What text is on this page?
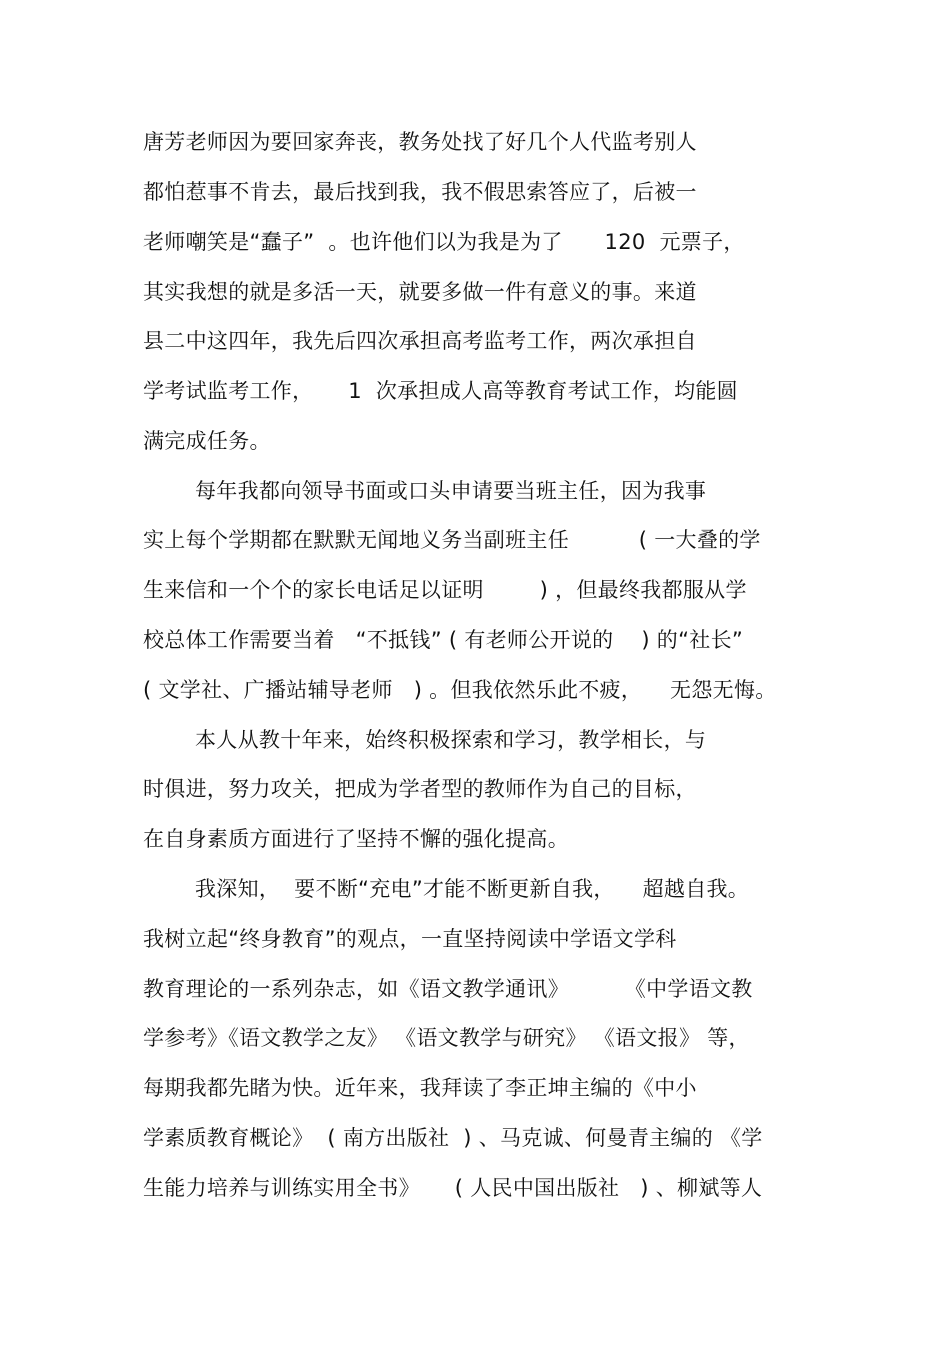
唐芳老师因为要回家奔丧，教务处找了好几个人代监考别人
都怕惹事不肯去，最后找到我，我不假思索答应了，后被一
老师嘲笑是“蠢子”  。也许他们以为我是为了      120  元票子，
其实我想的就是多活一天，就要多做一件有意义的事。来道
县二中这四年，我先后四次承担高考监考工作，两次承担自
学考试监考工作，     1  次承担成人高等教育考试工作，均能圆
满完成任务。
每年我都向领导书面或口头申请要当班主任，因为我事
实上每个学期都在默默无闻地义务当副班主任          ( 一大叠的学
生来信和一个个的家长电话足以证明        ) ，但最终我都服从学
校总体工作需要当着   “不抵钱” ( 有老师公开说的    ) 的“社长”
( 文学社、广播站辅导老师   ) 。但我依然乐此不疲，    无怨无悔。
本人从教十年来，始终积极探索和学习，教学相长，与
时俱进，努力攻关，把成为学者型的教师作为自己的目标，
在自身素质方面进行了坚持不懈的强化提高。
我深知，  要不断“充电”才能不断更新自我，    超越自我。
我树立起“终身教育”的观点，一直坚持阅读中学语文学科
教育理论的一系列杂志，如《语文教学通讯》        《中学语文教
学参考》《语文教学之友》 《语文教学与研究》 《语文报》 等，
每期我都先睹为快。近年来，我拜读了李正坤主编的《中小
学素质教育概论》  ( 南方出版社  ) 、马克诚、何曼青主编的 《学
生能力培养与训练实用全书》     ( 人民中国出版社   ) 、柳斌等人
